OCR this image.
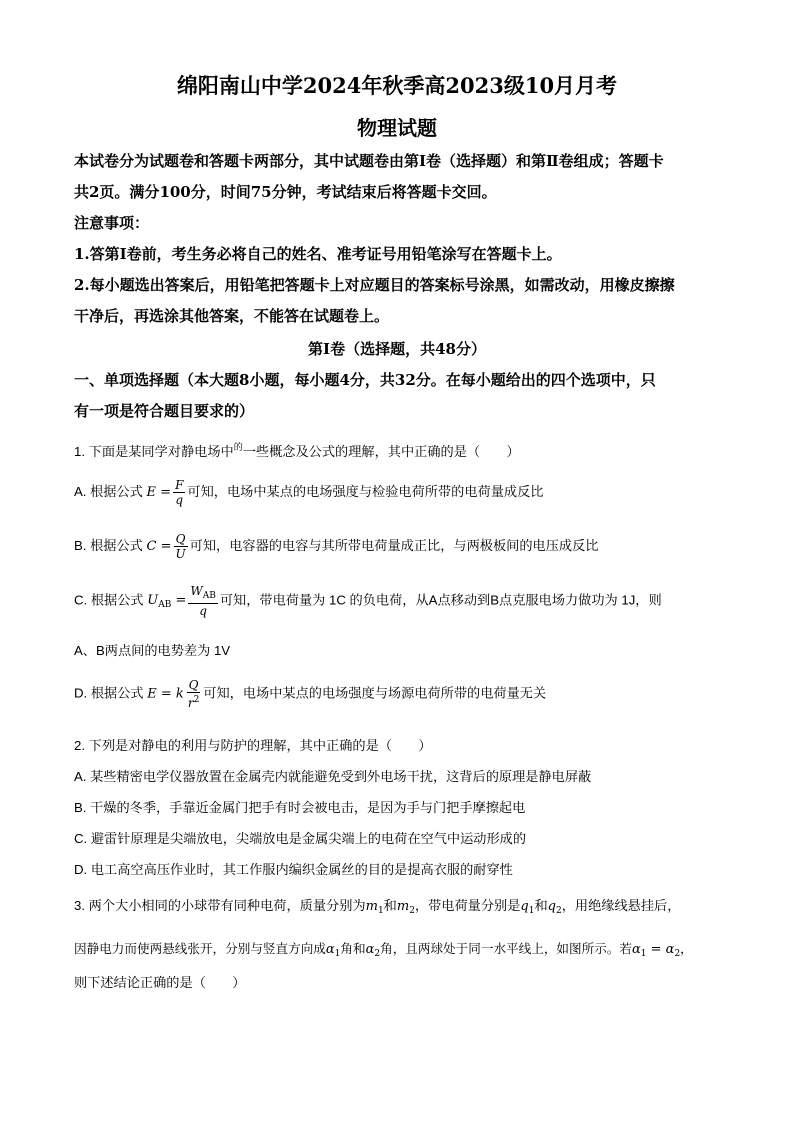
绵阳南山中学2024年秋季高2023级10月月考
物理试题
本试卷分为试题卷和答题卡两部分，其中试题卷由第Ⅰ卷（选择题）和第Ⅱ卷组成；答题卡
共2页。满分100分，时间75分钟，考试结束后将答题卡交回。
注意事项：
1.答第Ⅰ卷前，考生务必将自己的姓名、准考证号用铅笔涂写在答题卡上。
2.每小题选出答案后，用铅笔把答题卡上对应题目的答案标号涂黑，如需改动，用橡皮擦擦
干净后，再选涂其他答案，不能答在试题卷上。
第Ⅰ卷（选择题，共48分）
一、单项选择题（本大题8小题，每小题4分，共32分。在每小题给出的四个选项中，只
有一项是符合题目要求的）
1. 下面是某同学对静电场中$^的$一些概念及公式的理解，其中正确的是（　　）
A. 根据公式 $E = \frac{F}{q}$ 可知，电场中某点的电场强度与检验电荷所带的电荷量成反比
B. 根据公式 $C = \frac{Q}{U}$ 可知，电容器的电容与其所带电荷量成正比，与两极板间的电压成反比
C. 根据公式 $U_{AB} = \frac{W_{AB}}{q}$ 可知，带电荷量为 1C 的负电荷，从A点移动到B点克服电场力做功为 1J，则
A、B两点间的电势差为 1V
D. 根据公式 E = k $\frac{Q}{r^2}$ 可知，电场中某点的电场强度与场源电荷所带的电荷量无关
2. 下列是对静电的利用与防护的理解，其中正确的是（　　）
A. 某些精密电学仪器放置在金属壳内就能避免受到外电场干扰，这背后的原理是静电屏蔽
B. 干燥的冬季，手靠近金属门把手有时会被电击，是因为手与门把手摩擦起电
C. 避雷针原理是尖端放电，尖端放电是金属尖端上的电荷在空气中运动形成的
D. 电工高空高压作业时，其工作服内编织金属丝的目的是提高衣服的耐穿性
3. 两个大小相同的小球带有同种电荷，质量分别为$m_1$和$m_2$，带电荷量分别是$q_1$和$q_2$，用绝缘线悬挂后，
因静电力而使两悬线张开，分别与竖直方向成$\alpha_1$角和$\alpha_2$角，且两球处于同一水平线上，如图所示。若$\alpha_1 = \alpha_2$，
则下述结论正确的是（　　）
